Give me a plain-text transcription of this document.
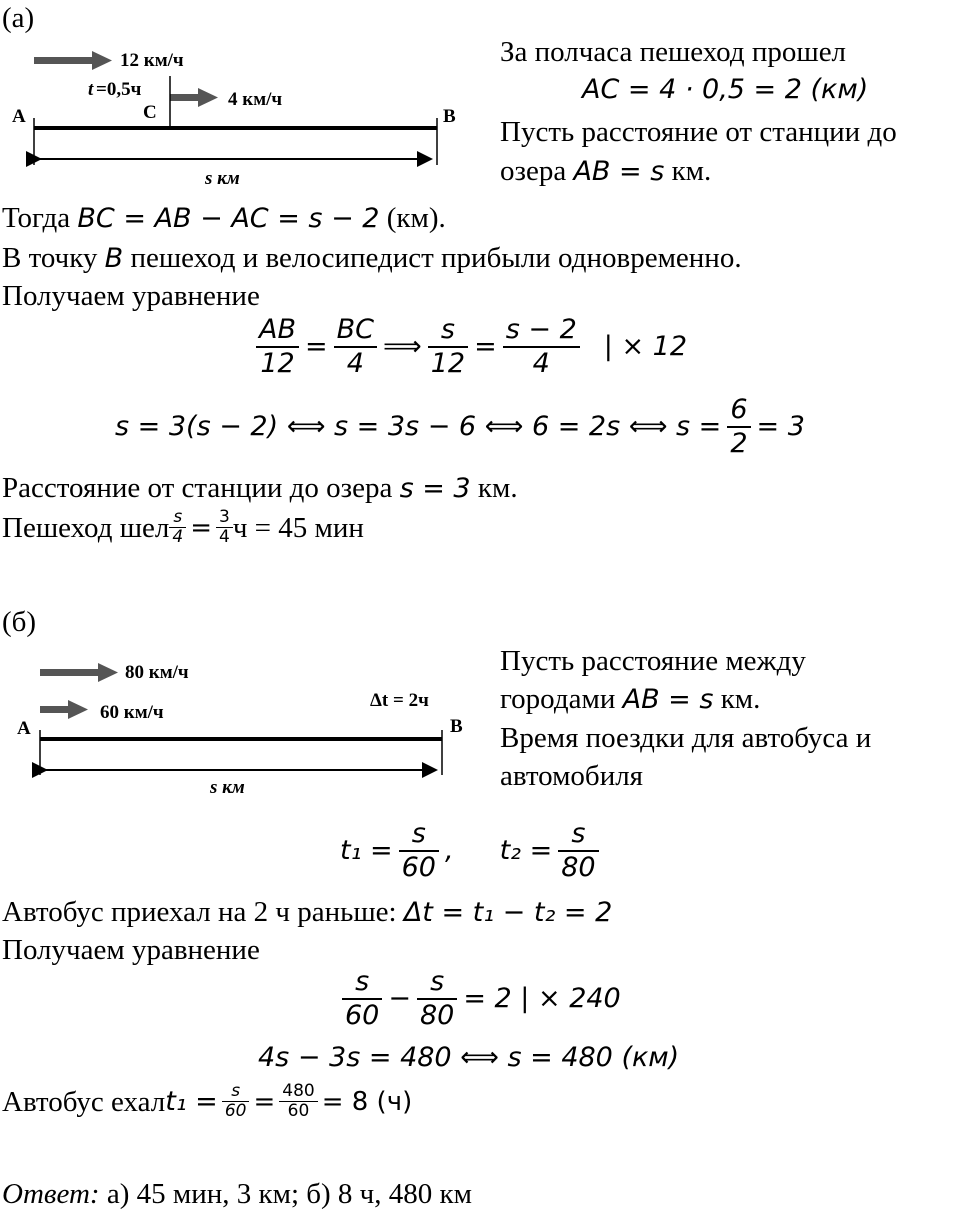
(а)
12 км/ч
t =0,5ч	4 км/ч
A	C	B
s км
За полчаса пешеход прошел
AC = 4 · 0,5 = 2 (км)
Пусть расстояние от станции до
озера AB = s км.
Тогда BC = AB − AC = s − 2 (км).
В точку B пешеход и велосипедист прибыли одновременно.
Получаем уравнение
$\frac{AB}{12} = \frac{BC}{4}$ ⟹ $\frac{s}{12} = \frac{s - 2}{4}$ | × 12
s = 3(s − 2) ⟺ s = 3s − 6 ⟺ 6 = 2s ⟺ $s = \frac{6}{2} = 3$
Расстояние от станции до озера s = 3 км.
Пешеход шел $\frac{s}{4} = \frac{3}{4}$ ч = 45 мин
(б)
80 км/ч
60 км/ч
Δt = 2ч
A	B
s км
Пусть расстояние между
городами AB = s км.
Время поездки для автобуса и
автомобиля
$t_1 = \frac{s}{60}$ , $t_2 = \frac{s}{80}$
Автобус приехал на 2 ч раньше: Δt = t₁ − t₂ = 2
Получаем уравнение
$\frac{s}{60} - \frac{s}{80} = 2$ | × 240
4s − 3s = 480 ⟺ s = 480 (км)
Автобус ехал $t_1 = \frac{s}{60} = \frac{480}{60} = 8$ (ч)
Ответ: а) 45 мин, 3 км; б) 8 ч, 480 км
